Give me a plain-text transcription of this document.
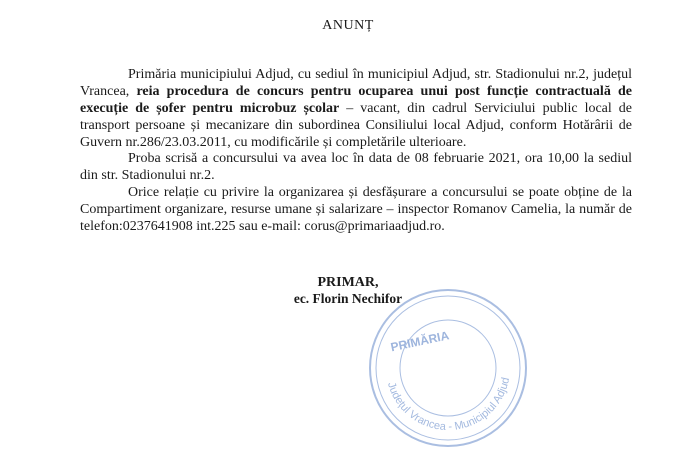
ANUNȚ
Primăria municipiului Adjud, cu sediul în municipiul Adjud, str. Stadionului nr.2, județul Vrancea, reia procedura de concurs pentru ocuparea unui post funcție contractuală de execuție de șofer pentru microbuz școlar – vacant, din cadrul Serviciului public local de transport persoane și mecanizare din subordinea Consiliului local Adjud, conform Hotărârii de Guvern nr.286/23.03.2011, cu modificările și completările ulterioare.
Proba scrisă a concursului va avea loc în data de 08 februarie 2021, ora 10,00 la sediul din str. Stadionului nr.2.
Orice relație cu privire la organizarea și desfășurare a concursului se poate obține de la Compartiment organizare, resurse umane și salarizare – inspector Romanov Camelia, la număr de telefon:0237641908 int.225 sau e-mail: corus@primariaadjud.ro.
Județul Vrancea - Municipiul Adjud
PRIMĂRIA
PRIMAR,
ec. Florin Nechifor
